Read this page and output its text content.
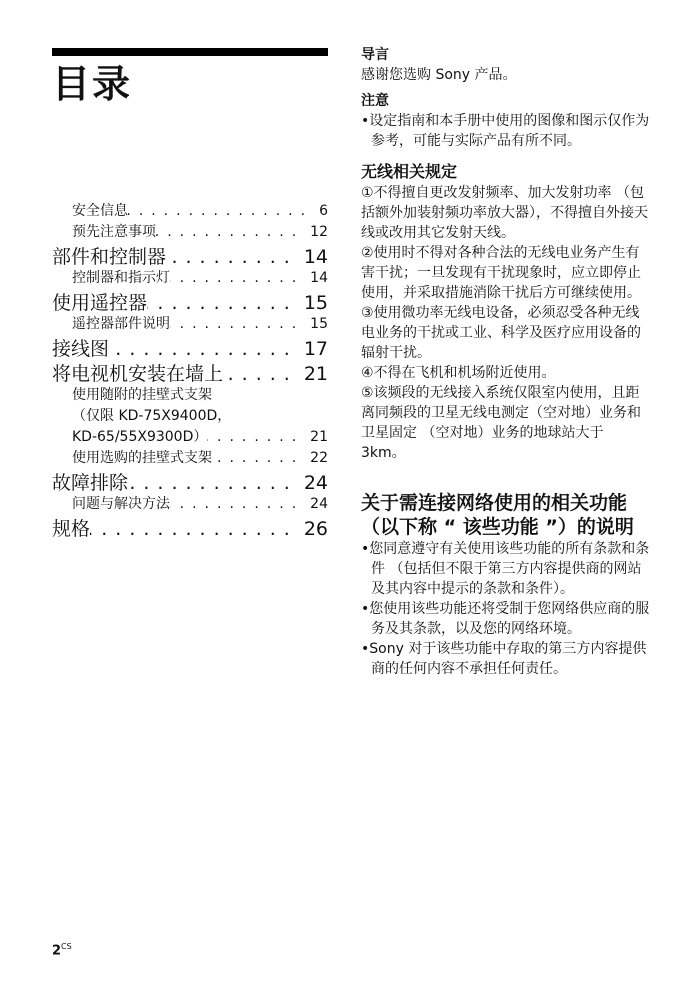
目录
安全信息 .....	6
预先注意事项 .....	12
部件和控制器 .....	14
控制器和指示灯 .....	14
使用遥控器 .....	15
遥控器部件说明 .....	15
接线图 .....	17
将电视机安装在墙上 .....	21
使用随附的挂壁式支架
（仅限 KD-75X9400D，
KD-65/55X9300D） .....	21
使用选购的挂壁式支架 .....	22
故障排除 .....	24
问题与解决方法 .....	24
规格 .....	26
导言
感谢您选购 Sony 产品。
注意
•设定指南和本手册中使用的图像和图示仅作为参考，可能与实际产品有所不同。
无线相关规定
①不得擅自更改发射频率、加大发射功率 （包括额外加装射频功率放大器），不得擅自外接天线或改用其它发射天线。
②使用时不得对各种合法的无线电业务产生有害干扰；一旦发现有干扰现象时，应立即停止使用，并采取措施消除干扰后方可继续使用。
③使用微功率无线电设备，必须忍受各种无线电业务的干扰或工业、科学及医疗应用设备的辐射干扰。
④不得在飞机和机场附近使用。
⑤该频段的无线接入系统仅限室内使用，且距离同频段的卫星无线电测定（空对地）业务和卫星固定 （空对地）业务的地球站大于 3km。
关于需连接网络使用的相关功能 （以下称 “ 该些功能 ”）的说明
•您同意遵守有关使用该些功能的所有条款和条件 （包括但不限于第三方内容提供商的网站及其内容中提示的条款和条件）。
•您使用该些功能还将受制于您网络供应商的服务及其条款，以及您的网络环境。
•Sony 对于该些功能中存取的第三方内容提供商的任何内容不承担任何责任。
$2^{CS}$
